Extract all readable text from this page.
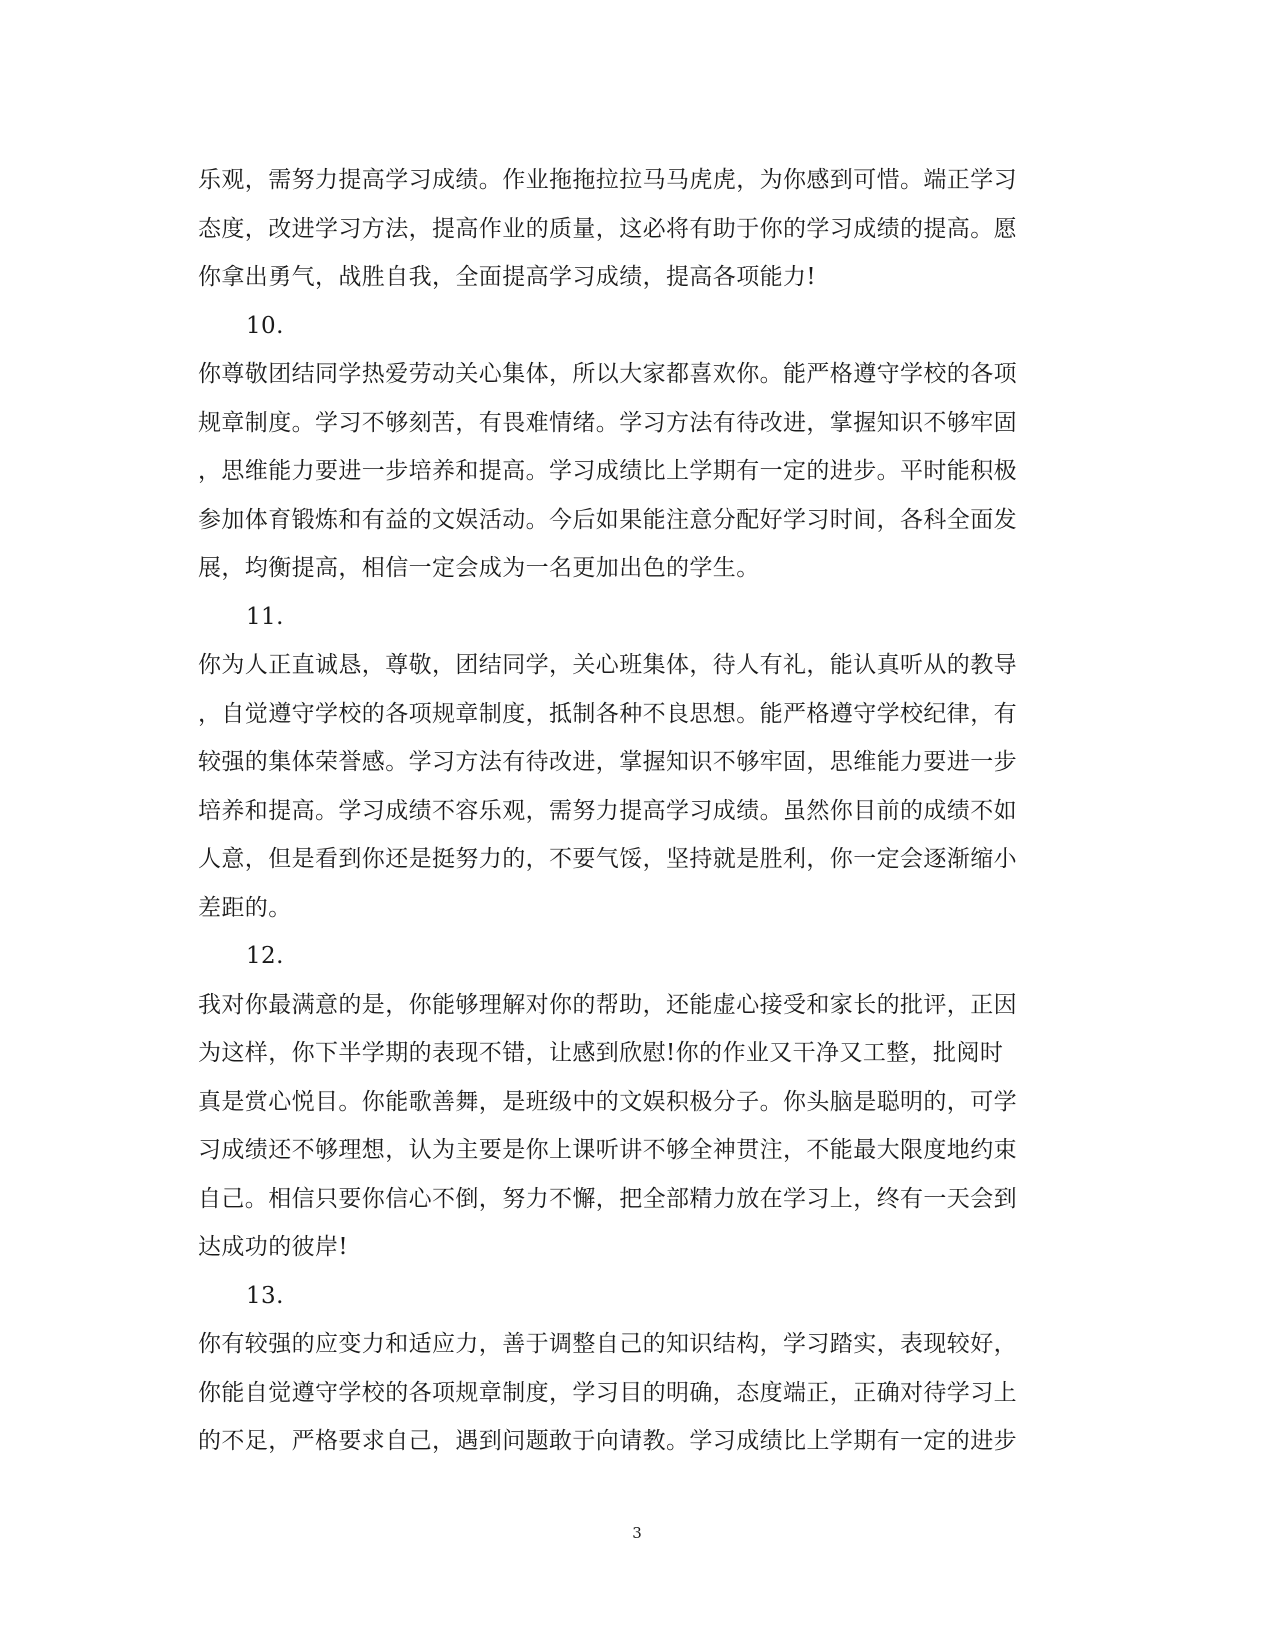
乐观，需努力提高学习成绩。作业拖拖拉拉马马虎虎，为你感到可惜。端正学习
态度，改进学习方法，提高作业的质量，这必将有助于你的学习成绩的提高。愿
你拿出勇气，战胜自我，全面提高学习成绩，提高各项能力!
10.
你尊敬团结同学热爱劳动关心集体，所以大家都喜欢你。能严格遵守学校的各项
规章制度。学习不够刻苦，有畏难情绪。学习方法有待改进，掌握知识不够牢固
，思维能力要进一步培养和提高。学习成绩比上学期有一定的进步。平时能积极
参加体育锻炼和有益的文娱活动。今后如果能注意分配好学习时间，各科全面发
展，均衡提高，相信一定会成为一名更加出色的学生。
11.
你为人正直诚恳，尊敬，团结同学，关心班集体，待人有礼，能认真听从的教导
，自觉遵守学校的各项规章制度，抵制各种不良思想。能严格遵守学校纪律，有
较强的集体荣誉感。学习方法有待改进，掌握知识不够牢固，思维能力要进一步
培养和提高。学习成绩不容乐观，需努力提高学习成绩。虽然你目前的成绩不如
人意，但是看到你还是挺努力的，不要气馁，坚持就是胜利，你一定会逐渐缩小
差距的。
12.
我对你最满意的是，你能够理解对你的帮助，还能虚心接受和家长的批评，正因
为这样，你下半学期的表现不错，让感到欣慰!你的作业又干净又工整，批阅时
真是赏心悦目。你能歌善舞，是班级中的文娱积极分子。你头脑是聪明的，可学
习成绩还不够理想，认为主要是你上课听讲不够全神贯注，不能最大限度地约束
自己。相信只要你信心不倒，努力不懈，把全部精力放在学习上，终有一天会到
达成功的彼岸!
13.
你有较强的应变力和适应力，善于调整自己的知识结构，学习踏实，表现较好，
你能自觉遵守学校的各项规章制度，学习目的明确，态度端正，正确对待学习上
的不足，严格要求自己，遇到问题敢于向请教。学习成绩比上学期有一定的进步
3
